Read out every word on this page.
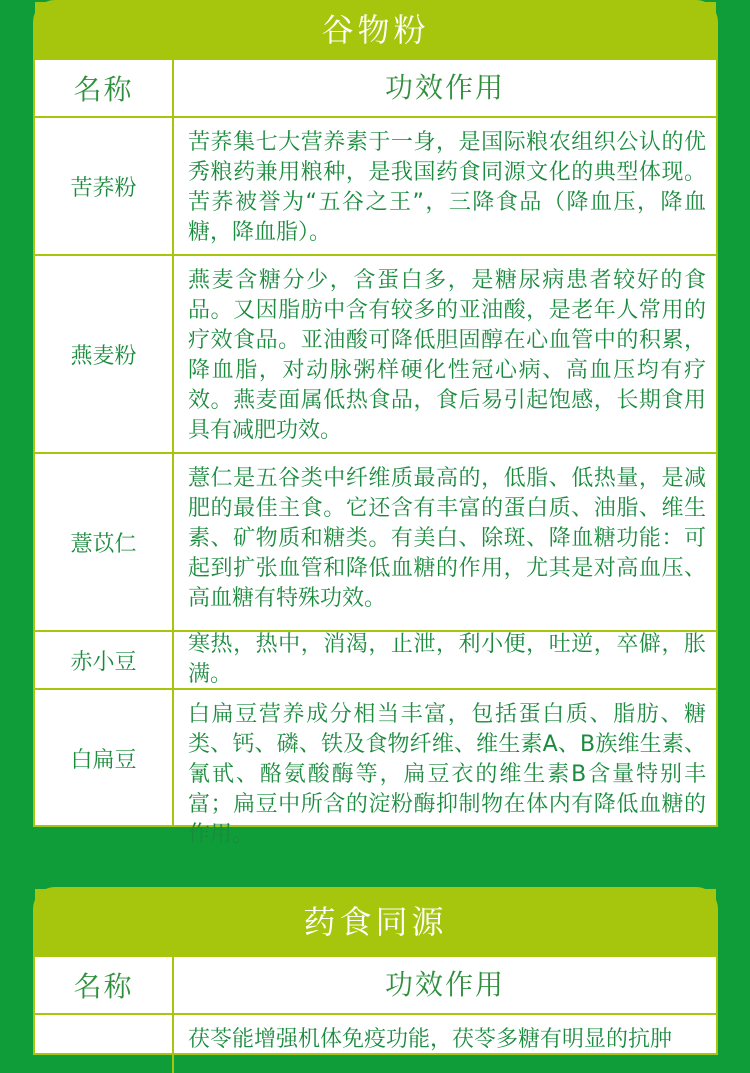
谷物粉
名称	功效作用
苦荞粉
苦荞集七大营养素于一身，是国际粮农组织公认的优秀粮药兼用粮种，是我国药食同源文化的典型体现。苦荞被誉为“五谷之王”，三降食品（降血压，降血糖，降血脂）。
燕麦粉
燕麦含糖分少，含蛋白多，是糖尿病患者较好的食品。又因脂肪中含有较多的亚油酸，是老年人常用的疗效食品。亚油酸可降低胆固醇在心血管中的积累，降血脂，对动脉粥样硬化性冠心病、高血压均有疗效。燕麦面属低热食品，食后易引起饱感，长期食用具有减肥功效。
薏苡仁
薏仁是五谷类中纤维质最高的，低脂、低热量，是减肥的最佳主食。它还含有丰富的蛋白质、油脂、维生素、矿物质和糖类。有美白、除斑、降血糖功能：可起到扩张血管和降低血糖的作用，尤其是对高血压、高血糖有特殊功效。
赤小豆
寒热，热中，消渴，止泄，利小便，吐逆，卒僻，胀满。
白扁豆
白扁豆营养成分相当丰富，包括蛋白质、脂肪、糖类、钙、磷、铁及食物纤维、维生素A、B族维生素、氰甙、酪氨酸酶等，扁豆衣的维生素B含量特别丰富；扁豆中所含的淀粉酶抑制物在体内有降低血糖的作用。
药食同源
名称	功效作用
茯苓能增强机体免疫功能，茯苓多糖有明显的抗肿
